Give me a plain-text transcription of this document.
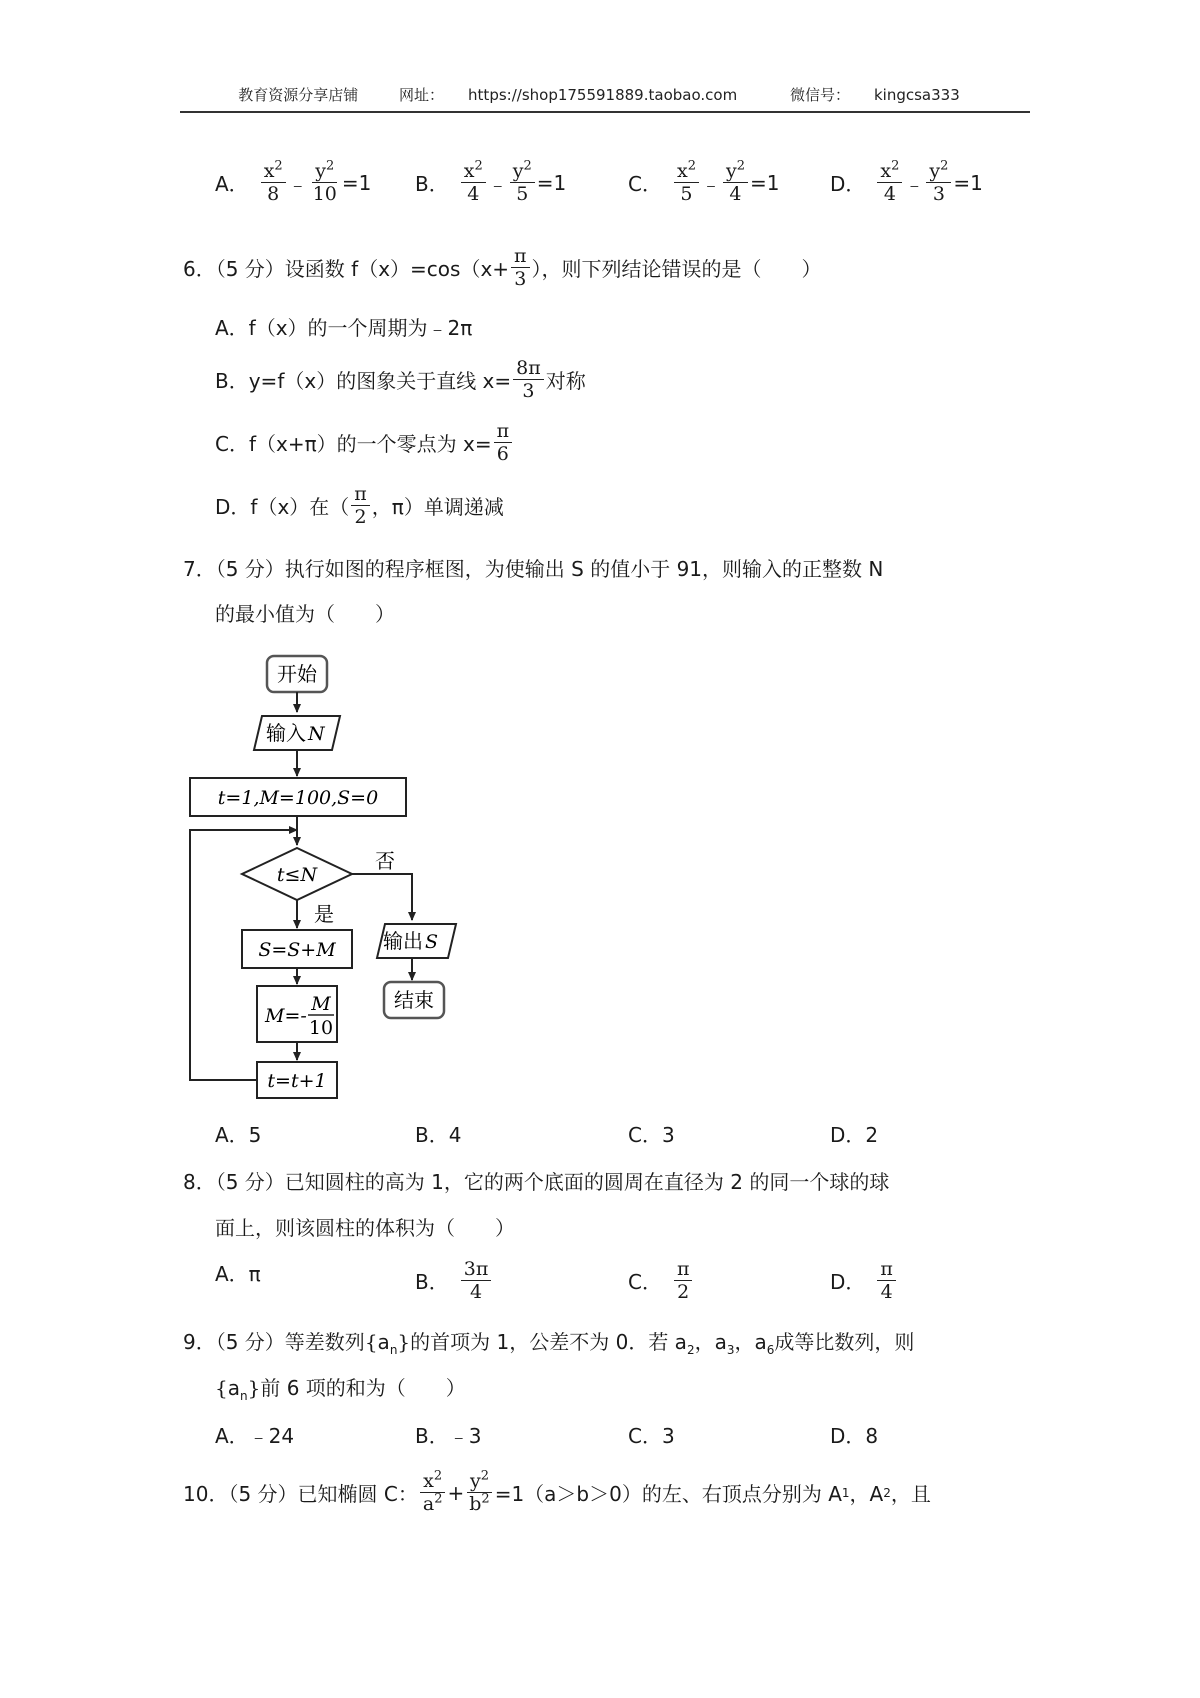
教育资源分享店铺	网址： https://shop175591889.taobao.com	微信号： kingcsa333
A． $\frac{x^2}{8}$ ﹣ $\frac{y^2}{10} =1$ B． $\frac{x^2}{4}$ ﹣ $\frac{y^2}{5} =1$	C． $\frac{x^2}{5}$ ﹣ $\frac{y^2}{4} =1$	D． $\frac{x^2}{4}$ ﹣ $\frac{y^2}{3} =1$
6．（5 分）设函数 $f(x)=\cos(x+ \frac{\pi}{3}$ ），则下列结论错误的是（　　）
A．f（x）的一个周期为﹣2π
B．y=f（x）的图象关于直线 $x= \frac{8\pi}{3}$ 对称
C．f（x+π）的一个零点为 $x= \frac{\pi}{6}$
D．f（x）在（ $\frac{\pi}{2}$ ，π）单调递减
7．（5 分）执行如图的程序框图，为使输出 S 的值小于 91，则输入的正整数 N
的最小值为（　　）
开始
输入 N
t=1,M=100,S=0
t≤N
否
是
S=S+M
M=-
M
10
t=t+1
输出 S
结束
A．5	B．4	C．3	D．2
8．（5 分）已知圆柱的高为 1，它的两个底面的圆周在直径为 2 的同一个球的球
面上，则该圆柱的体积为（　　）
A．π	B． $\frac{3\pi}{4}$	C． $\frac{\pi}{2}$	D． $\frac{\pi}{4}$
9．（5 分）等差数列$\{a_n\}$的首项为 1，公差不为 0．若 $a_2$，$a_3$，$a_6$成等比数列，则
$\{a_n\}$前 6 项的和为（　　）
A．﹣24	B．﹣3	C．3	D．8
10．（5 分）已知椭圆 C： $\frac{x^2}{a^2} + \frac{y^2}{b^2} =1(a>b>0)$的左、右顶点分别为 A 1 ，A 2 ，且
